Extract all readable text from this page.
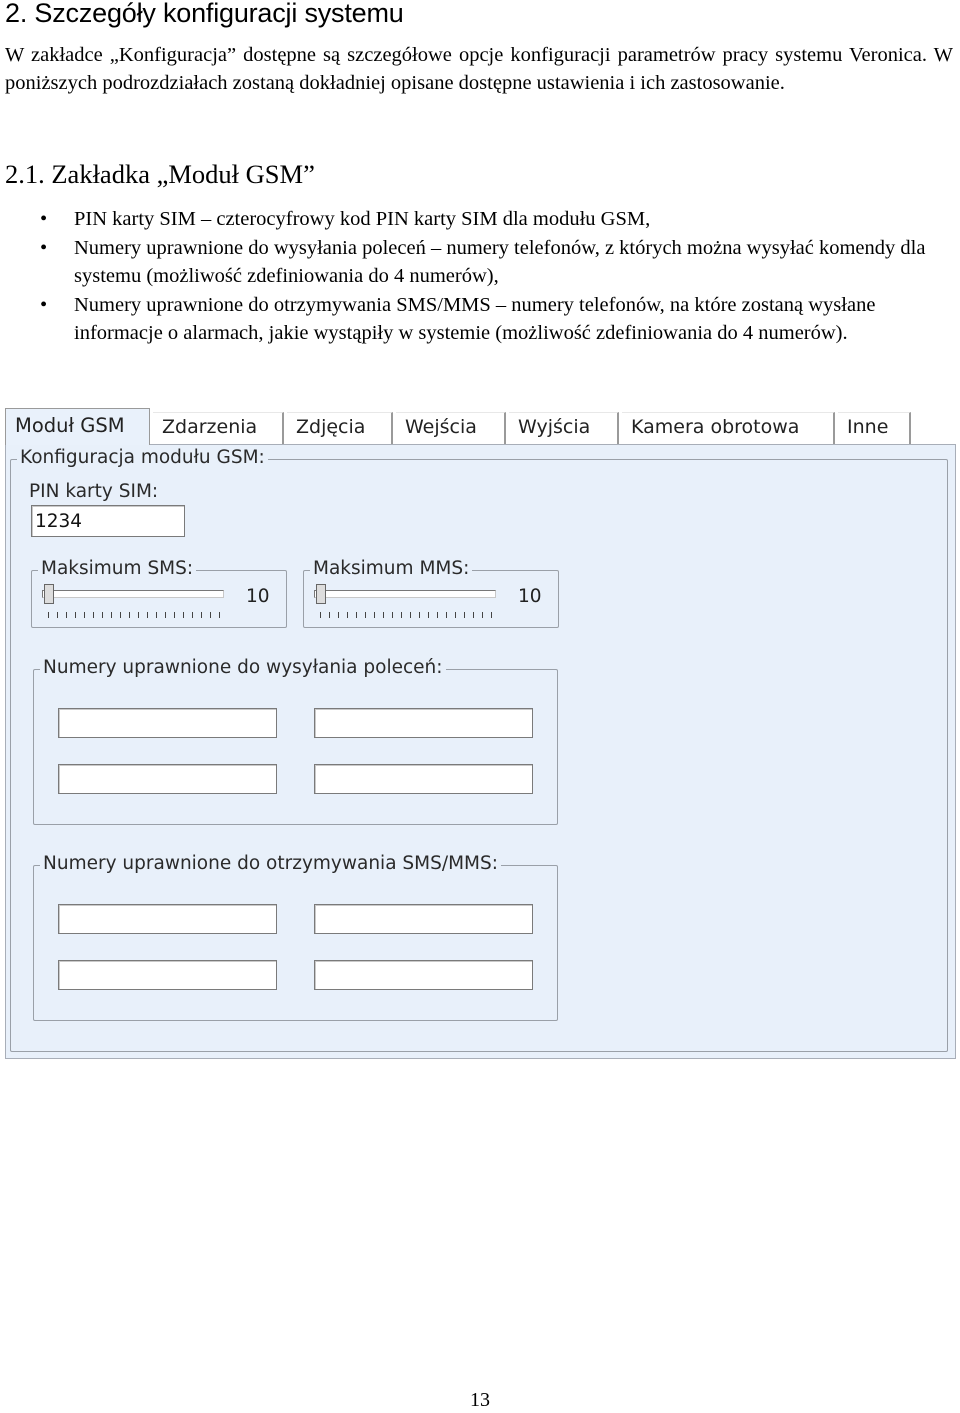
2. Szczegóły konfiguracji systemu

W zakładce „Konfiguracja” dostępne są szczegółowe opcje konfiguracji parametrów pracy systemu Veronica. W poniższych podrozdziałach zostaną dokładniej opisane dostępne ustawienia i ich zastosowanie.

2.1. Zakładka „Moduł GSM”
• PIN karty SIM – czterocyfrowy kod PIN karty SIM dla modułu GSM,
• Numery uprawnione do wysyłania poleceń – numery telefonów, z których można wysyłać komendy dla systemu (możliwość zdefiniowania do 4 numerów),
• Numery uprawnione do otrzymywania SMS/MMS – numery telefonów, na które zostaną wysłane informacje o alarmach, jakie wystąpiły w systemie (możliwość zdefiniowania do 4 numerów).
Moduł GSM	Zdarzenia	Zdjęcia	Wejścia	Wyjścia	Kamera obrotowa	Inne
Konfiguracja modułu GSM:
PIN karty SIM:
1234
Maksimum SMS:
10
Maksimum MMS:
10
Numery uprawnione do wysyłania poleceń:
Numery uprawnione do otrzymywania SMS/MMS:
13
